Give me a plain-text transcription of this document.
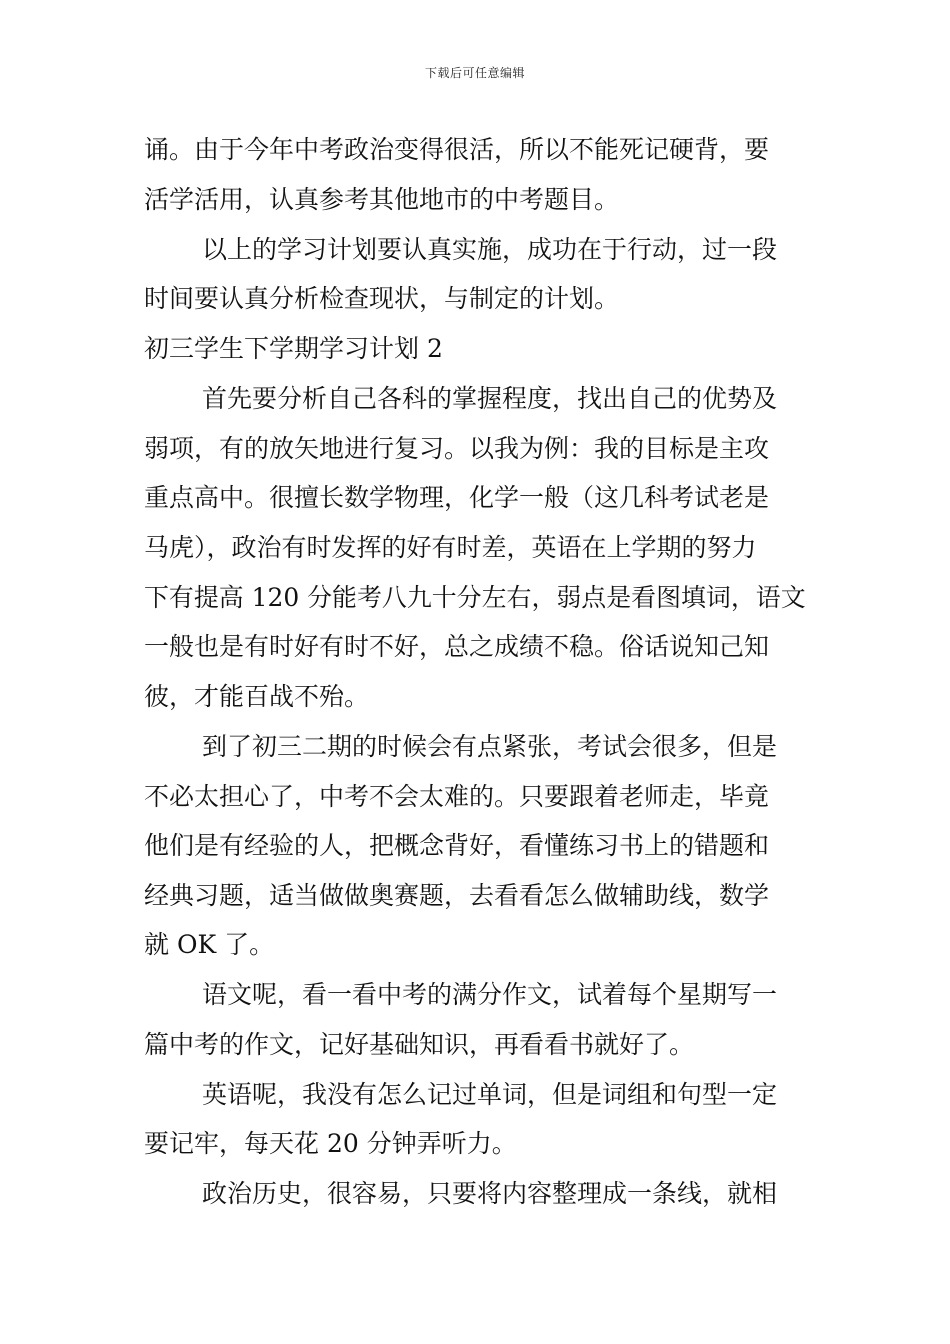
下载后可任意编辑
诵。由于今年中考政治变得很活，所以不能死记硬背，要
活学活用，认真参考其他地市的中考题目。
以上的学习计划要认真实施，成功在于行动，过一段
时间要认真分析检查现状，与制定的计划。
初三学生下学期学习计划 2
首先要分析自己各科的掌握程度，找出自己的优势及
弱项，有的放矢地进行复习。以我为例：我的目标是主攻
重点高中。很擅长数学物理，化学一般（这几科考试老是
马虎），政治有时发挥的好有时差，英语在上学期的努力
下有提高 120 分能考八九十分左右，弱点是看图填词，语文
一般也是有时好有时不好，总之成绩不稳。俗话说知己知
彼，才能百战不殆。
到了初三二期的时候会有点紧张，考试会很多，但是
不必太担心了，中考不会太难的。只要跟着老师走，毕竟
他们是有经验的人，把概念背好，看懂练习书上的错题和
经典习题，适当做做奥赛题，去看看怎么做辅助线，数学
就 OK 了。
语文呢，看一看中考的满分作文，试着每个星期写一
篇中考的作文，记好基础知识，再看看书就好了。
英语呢，我没有怎么记过单词，但是词组和句型一定
要记牢，每天花 20 分钟弄听力。
政治历史，很容易，只要将内容整理成一条线，就相
